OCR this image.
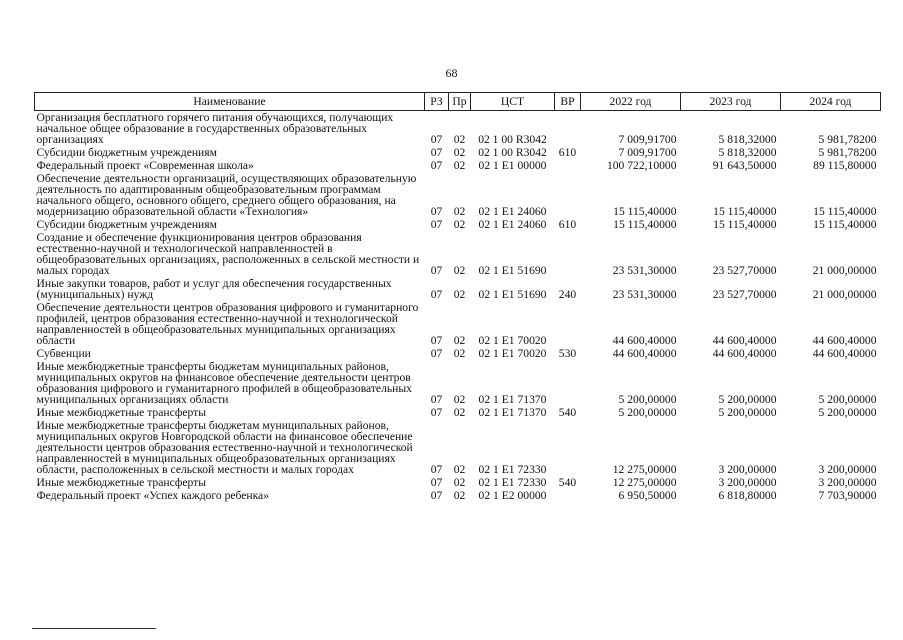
68
Наименование	РЗ	Пр	ЦСТ	ВР	2022 год	2023 год	2024 год
Организация бесплатного горячего питания обучающихся, получающих начальное общее образование в государственных образовательных организациях	07	02	02 1 00 R3042		7 009,91700	5 818,32000	5 981,78200
Субсидии бюджетным учреждениям	07	02	02 1 00 R3042	610	7 009,91700	5 818,32000	5 981,78200
Федеральный проект «Современная школа»	07	02	02 1 E1 00000		100 722,10000	91 643,50000	89 115,80000
Обеспечение деятельности организаций, осуществляющих образовательную деятельность по адаптированным общеобразовательным программам начального общего, основного общего, среднего общего образования, на модернизацию образовательной области «Технология»	07	02	02 1 E1 24060		15 115,40000	15 115,40000	15 115,40000
Субсидии бюджетным учреждениям	07	02	02 1 E1 24060	610	15 115,40000	15 115,40000	15 115,40000
Создание и обеспечение функционирования центров образования естественно-научной и технологической направленностей в общеобразовательных организациях, расположенных в сельской местности и малых городах	07	02	02 1 E1 51690		23 531,30000	23 527,70000	21 000,00000
Иные закупки товаров, работ и услуг для обеспечения государственных (муниципальных) нужд	07	02	02 1 E1 51690	240	23 531,30000	23 527,70000	21 000,00000
Обеспечение деятельности центров образования цифрового и гуманитарного профилей, центров образования естественно-научной и технологической направленностей в общеобразовательных муниципальных организациях области	07	02	02 1 E1 70020		44 600,40000	44 600,40000	44 600,40000
Субвенции	07	02	02 1 E1 70020	530	44 600,40000	44 600,40000	44 600,40000
Иные межбюджетные трансферты бюджетам муниципальных районов, муниципальных округов на финансовое обеспечение деятельности центров образования цифрового и гуманитарного профилей в общеобразовательных муниципальных организациях области	07	02	02 1 E1 71370		5 200,00000	5 200,00000	5 200,00000
Иные межбюджетные трансферты	07	02	02 1 E1 71370	540	5 200,00000	5 200,00000	5 200,00000
Иные межбюджетные трансферты бюджетам муниципальных районов, муниципальных округов Новгородской области на финансовое обеспечение деятельности центров образования естественно-научной и технологической направленностей в муниципальных общеобразовательных организациях области, расположенных в сельской местности и малых городах	07	02	02 1 E1 72330		12 275,00000	3 200,00000	3 200,00000
Иные межбюджетные трансферты	07	02	02 1 E1 72330	540	12 275,00000	3 200,00000	3 200,00000
Федеральный проект «Успех каждого ребенка»	07	02	02 1 E2 00000		6 950,50000	6 818,80000	7 703,90000
